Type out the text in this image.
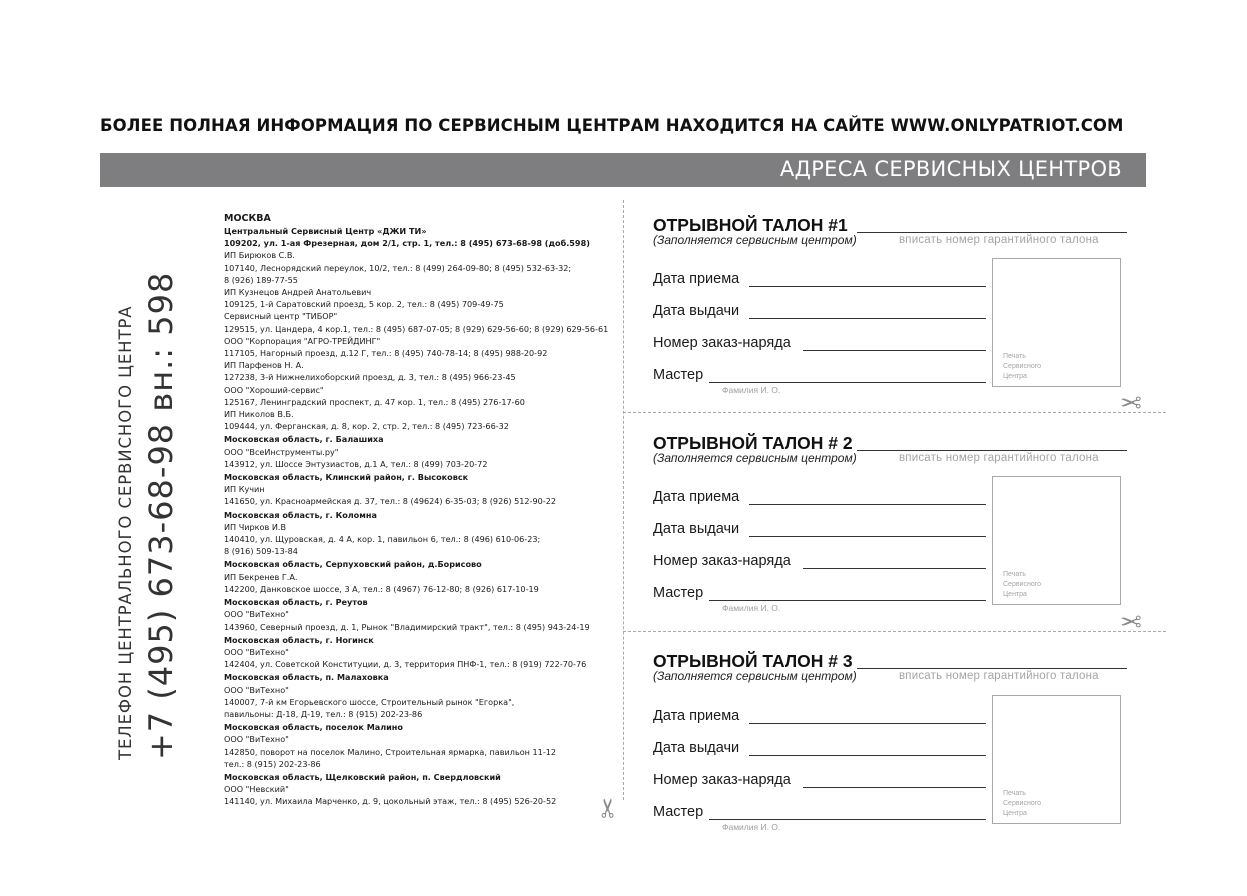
БОЛЕЕ ПОЛНАЯ ИНФОРМАЦИЯ ПО СЕРВИСНЫМ ЦЕНТРАМ НАХОДИТСЯ НА САЙТЕ WWW.ONLYPATRIOT.COM
АДРЕСА СЕРВИСНЫХ ЦЕНТРОВ
ТЕЛЕФОН ЦЕНТРАЛЬНОГО СЕРВИСНОГО ЦЕНТРА +7 (495) 673-68-98 вн.: 598
МОСКВА
Центральный Сервисный Центр «ДЖИ ТИ»
109202, ул. 1-ая Фрезерная, дом 2/1, стр. 1, тел.: 8 (495) 673-68-98 (доб.598)
ИП Бирюков С.В.
107140, Леснорядский переулок, 10/2, тел.: 8 (499) 264-09-80; 8 (495) 532-63-32;
8 (926) 189-77-55
ИП Кузнецов Андрей Анатольевич
109125, 1-й Саратовский проезд, 5 кор. 2, тел.: 8 (495) 709-49-75
Сервисный центр "ТИБОР"
129515, ул. Цандера, 4 кор.1, тел.: 8 (495) 687-07-05; 8 (929) 629-56-60; 8 (929) 629-56-61
ООО "Корпорация "АГРО-ТРЕЙДИНГ"
117105, Нагорный проезд, д.12 Г, тел.: 8 (495) 740-78-14; 8 (495) 988-20-92
ИП Парфенов Н. А.
127238, 3-й Нижнелихоборский проезд, д. 3, тел.: 8 (495) 966-23-45
ООО "Хороший-сервис"
125167, Ленинградский проспект, д. 47 кор. 1, тел.: 8 (495) 276-17-60
ИП Николов В.Б.
109444, ул. Ферганская, д. 8, кор. 2, стр. 2, тел.: 8 (495) 723-66-32
Московская область, г. Балашиха
ООО "ВсеИнструменты.ру"
143912, ул. Шоссе Энтузиастов, д.1 А, тел.: 8 (499) 703-20-72
Московская область, Клинский район, г. Высоковск
ИП Кучин
141650, ул. Красноармейская д. 37, тел.: 8 (49624) 6-35-03; 8 (926) 512-90-22
Московская область, г. Коломна
ИП Чирков И.В
140410, ул. Щуровская, д. 4 А, кор. 1, павильон 6, тел.: 8 (496) 610-06-23;
8 (916) 509-13-84
Московская область, Серпуховский район, д.Борисово
ИП Бекренев Г.А.
142200, Данковское шоссе, 3 А, тел.: 8 (4967) 76-12-80; 8 (926) 617-10-19
Московская область, г. Реутов
ООО "ВиТехно"
143960, Северный проезд, д. 1, Рынок "Владимирский тракт", тел.: 8 (495) 943-24-19
Московская область, г. Ногинск
ООО "ВиТехно"
142404, ул. Советской Конституции, д. 3, территория ПНФ-1, тел.: 8 (919) 722-70-76
Московская область, п. Малаховка
ООО "ВиТехно"
140007, 7-й км Егорьевского шоссе, Строительный рынок "Егорка",
павильоны: Д-18, Д-19, тел.: 8 (915) 202-23-86
Московская область, поселок Малино
ООО "ВиТехно"
142850, поворот на поселок Малино, Строительная ярмарка, павильон 11-12
тел.: 8 (915) 202-23-86
Московская область, Щелковский район, п. Свердловский
ООО "Невский"
141140, ул. Михаила Марченко, д. 9, цокольный этаж, тел.: 8 (495) 526-20-52
✂
✂
✂
ОТРЫВНОЙ ТАЛОН #1
(Заполняется сервисным центром)	вписать номер гарантийного талона
Дата приема
Дата выдачи
Номер заказ-наряда
Мастер
Фамилия И. О.
Печать
Сервисного
Центра
ОТРЫВНОЙ ТАЛОН # 2
(Заполняется сервисным центром)	вписать номер гарантийного талона
Дата приема
Дата выдачи
Номер заказ-наряда
Мастер
Фамилия И. О.
Печать
Сервисного
Центра
ОТРЫВНОЙ ТАЛОН # 3
(Заполняется сервисным центром)	вписать номер гарантийного талона
Дата приема
Дата выдачи
Номер заказ-наряда
Мастер
Фамилия И. О.
Печать
Сервисного
Центра
